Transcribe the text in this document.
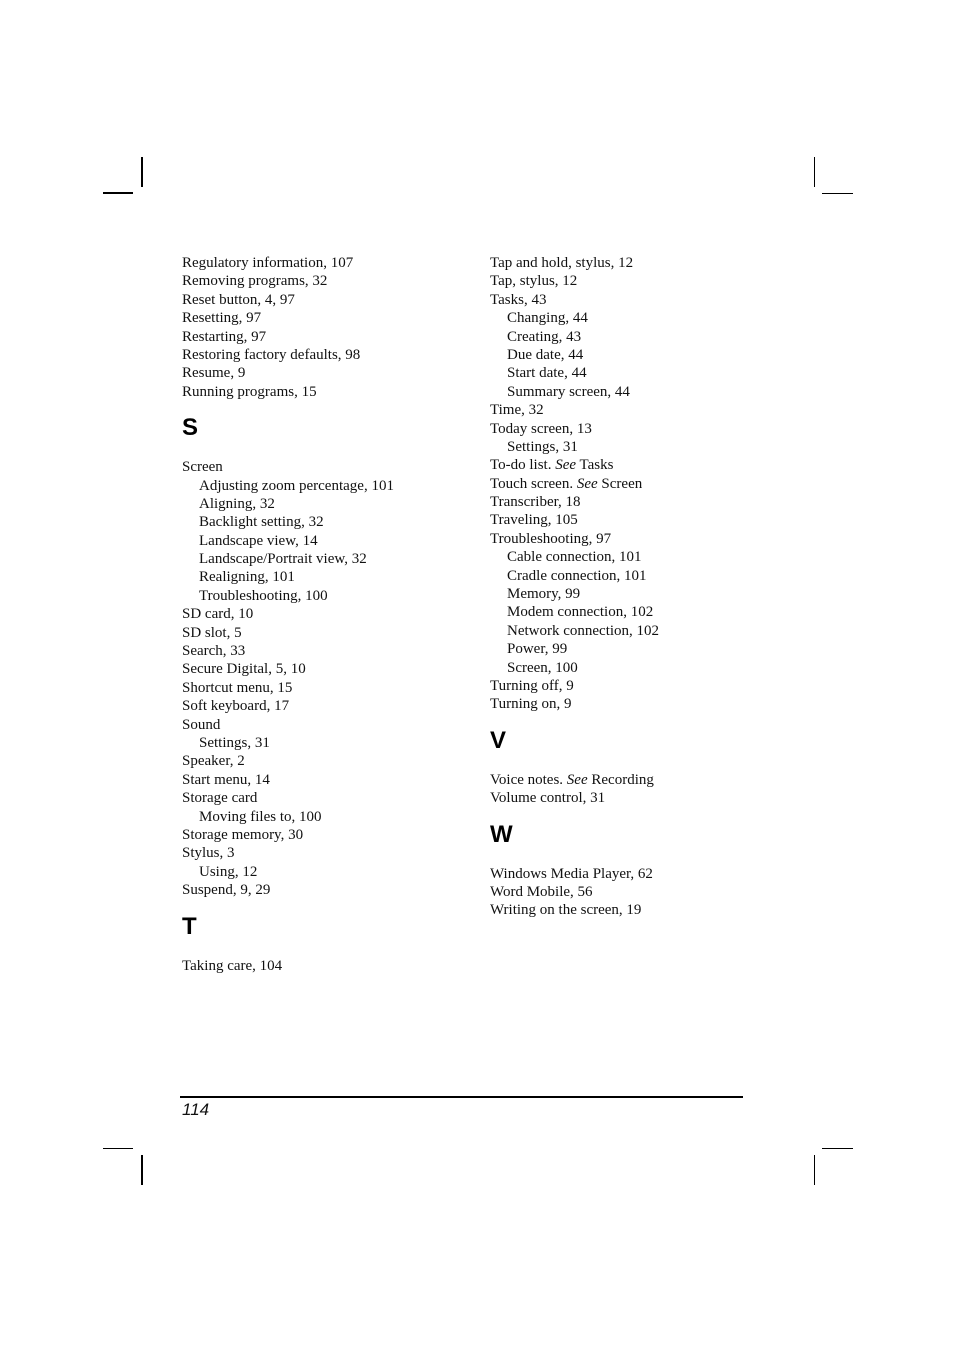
Regulatory information, 107
Removing programs, 32
Reset button, 4, 97
Resetting, 97
Restarting, 97
Restoring factory defaults, 98
Resume, 9
Running programs, 15
S
Screen
Adjusting zoom percentage, 101
Aligning, 32
Backlight setting, 32
Landscape view, 14
Landscape/Portrait view, 32
Realigning, 101
Troubleshooting, 100
SD card, 10
SD slot, 5
Search, 33
Secure Digital, 5, 10
Shortcut menu, 15
Soft keyboard, 17
Sound
Settings, 31
Speaker, 2
Start menu, 14
Storage card
Moving files to, 100
Storage memory, 30
Stylus, 3
Using, 12
Suspend, 9, 29
T
Taking care, 104
Tap and hold, stylus, 12
Tap, stylus, 12
Tasks, 43
Changing, 44
Creating, 43
Due date, 44
Start date, 44
Summary screen, 44
Time, 32
Today screen, 13
Settings, 31
To-do list. See Tasks
Touch screen. See Screen
Transcriber, 18
Traveling, 105
Troubleshooting, 97
Cable connection, 101
Cradle connection, 101
Memory, 99
Modem connection, 102
Network connection, 102
Power, 99
Screen, 100
Turning off, 9
Turning on, 9
V
Voice notes. See Recording
Volume control, 31
W
Windows Media Player, 62
Word Mobile, 56
Writing on the screen, 19
114
